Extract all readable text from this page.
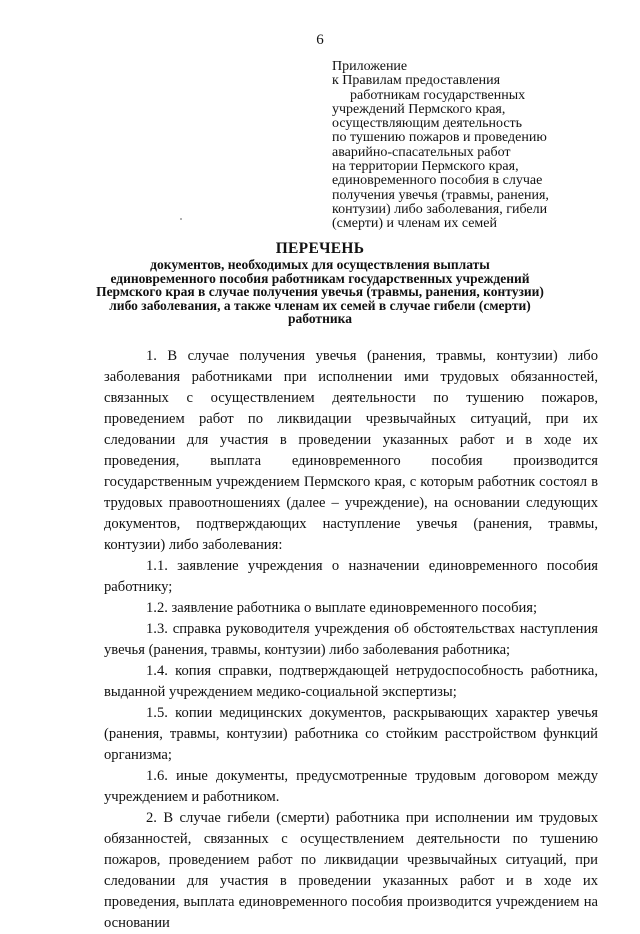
6
Приложение
к Правилам предоставления
работникам государственных
учреждений Пермского края,
осуществляющим деятельность
по тушению пожаров и проведению
аварийно-спасательных работ
на территории Пермского края,
единовременного пособия в случае
получения увечья (травмы, ранения,
контузии) либо заболевания, гибели
(смерти) и членам их семей
ПЕРЕЧЕНЬ
документов, необходимых для осуществления выплаты
единовременного пособия работникам государственных учреждений
Пермского края в случае получения увечья (травмы, ранения, контузии)
либо заболевания, а также членам их семей в случае гибели (смерти)
работника

1. В случае получения увечья (ранения, травмы, контузии) либо заболевания работниками при исполнении ими трудовых обязанностей, связанных с осуществлением деятельности по тушению пожаров, проведением работ по ликвидации чрезвычайных ситуаций, при их следовании для участия в проведении указанных работ и в ходе их проведения, выплата единовременного пособия производится государственным учреждением Пермского края, с которым работник состоял в трудовых правоотношениях (далее – учреждение), на основании следующих документов, подтверждающих наступление увечья (ранения, травмы, контузии) либо заболевания:

1.1. заявление учреждения о назначении единовременного пособия работнику;

1.2. заявление работника о выплате единовременного пособия;

1.3. справка руководителя учреждения об обстоятельствах наступления увечья (ранения, травмы, контузии) либо заболевания работника;

1.4. копия справки, подтверждающей нетрудоспособность работника, выданной учреждением медико-социальной экспертизы;

1.5. копии медицинских документов, раскрывающих характер увечья (ранения, травмы, контузии) работника со стойким расстройством функций организма;

1.6. иные документы, предусмотренные трудовым договором между учреждением и работником.

2. В случае гибели (смерти) работника при исполнении им трудовых обязанностей, связанных с осуществлением деятельности по тушению пожаров, проведением работ по ликвидации чрезвычайных ситуаций, при следовании для участия в проведении указанных работ и в ходе их проведения, выплата единовременного пособия производится учреждением на основании
